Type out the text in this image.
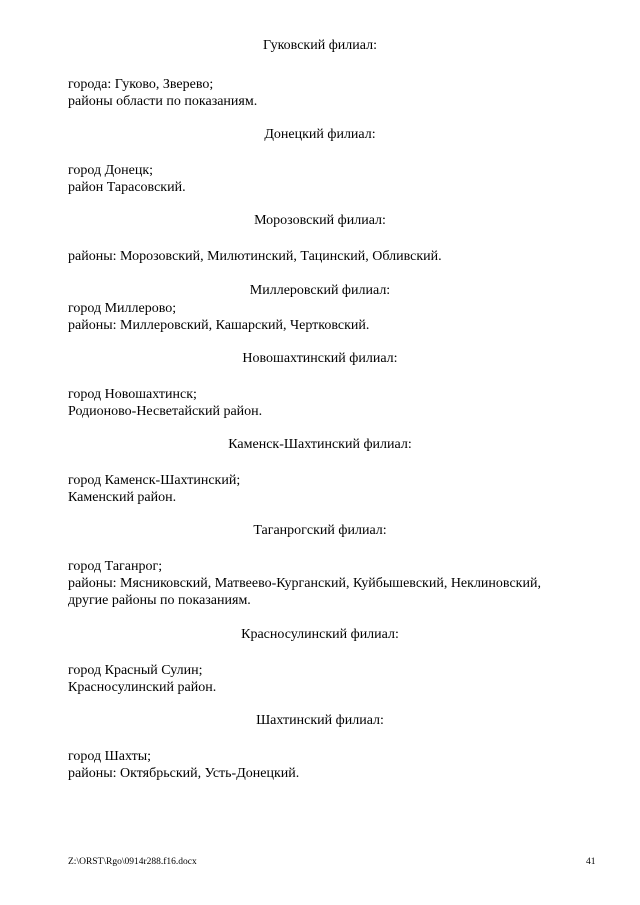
Гуковский филиал:
города: Гуково, Зверево;
районы области по показаниям.
Донецкий филиал:
город Донецк;
район Тарасовский.
Морозовский филиал:
районы: Морозовский, Милютинский, Тацинский, Обливский.
Миллеровский филиал:
город Миллерово;
районы: Миллеровский, Кашарский, Чертковский.
Новошахтинский филиал:
город Новошахтинск;
Родионово-Несветайский район.
Каменск-Шахтинский филиал:
город Каменск-Шахтинский;
Каменский район.
Таганрогский филиал:
город Таганрог;
районы: Мясниковский, Матвеево-Курганский, Куйбышевский, Неклиновский,
другие районы по показаниям.
Красносулинский филиал:
город Красный Сулин;
Красносулинский район.
Шахтинский филиал:
город Шахты;
районы: Октябрьский, Усть-Донецкий.
Z:\ORST\Rgo\0914r288.f16.docx	41
